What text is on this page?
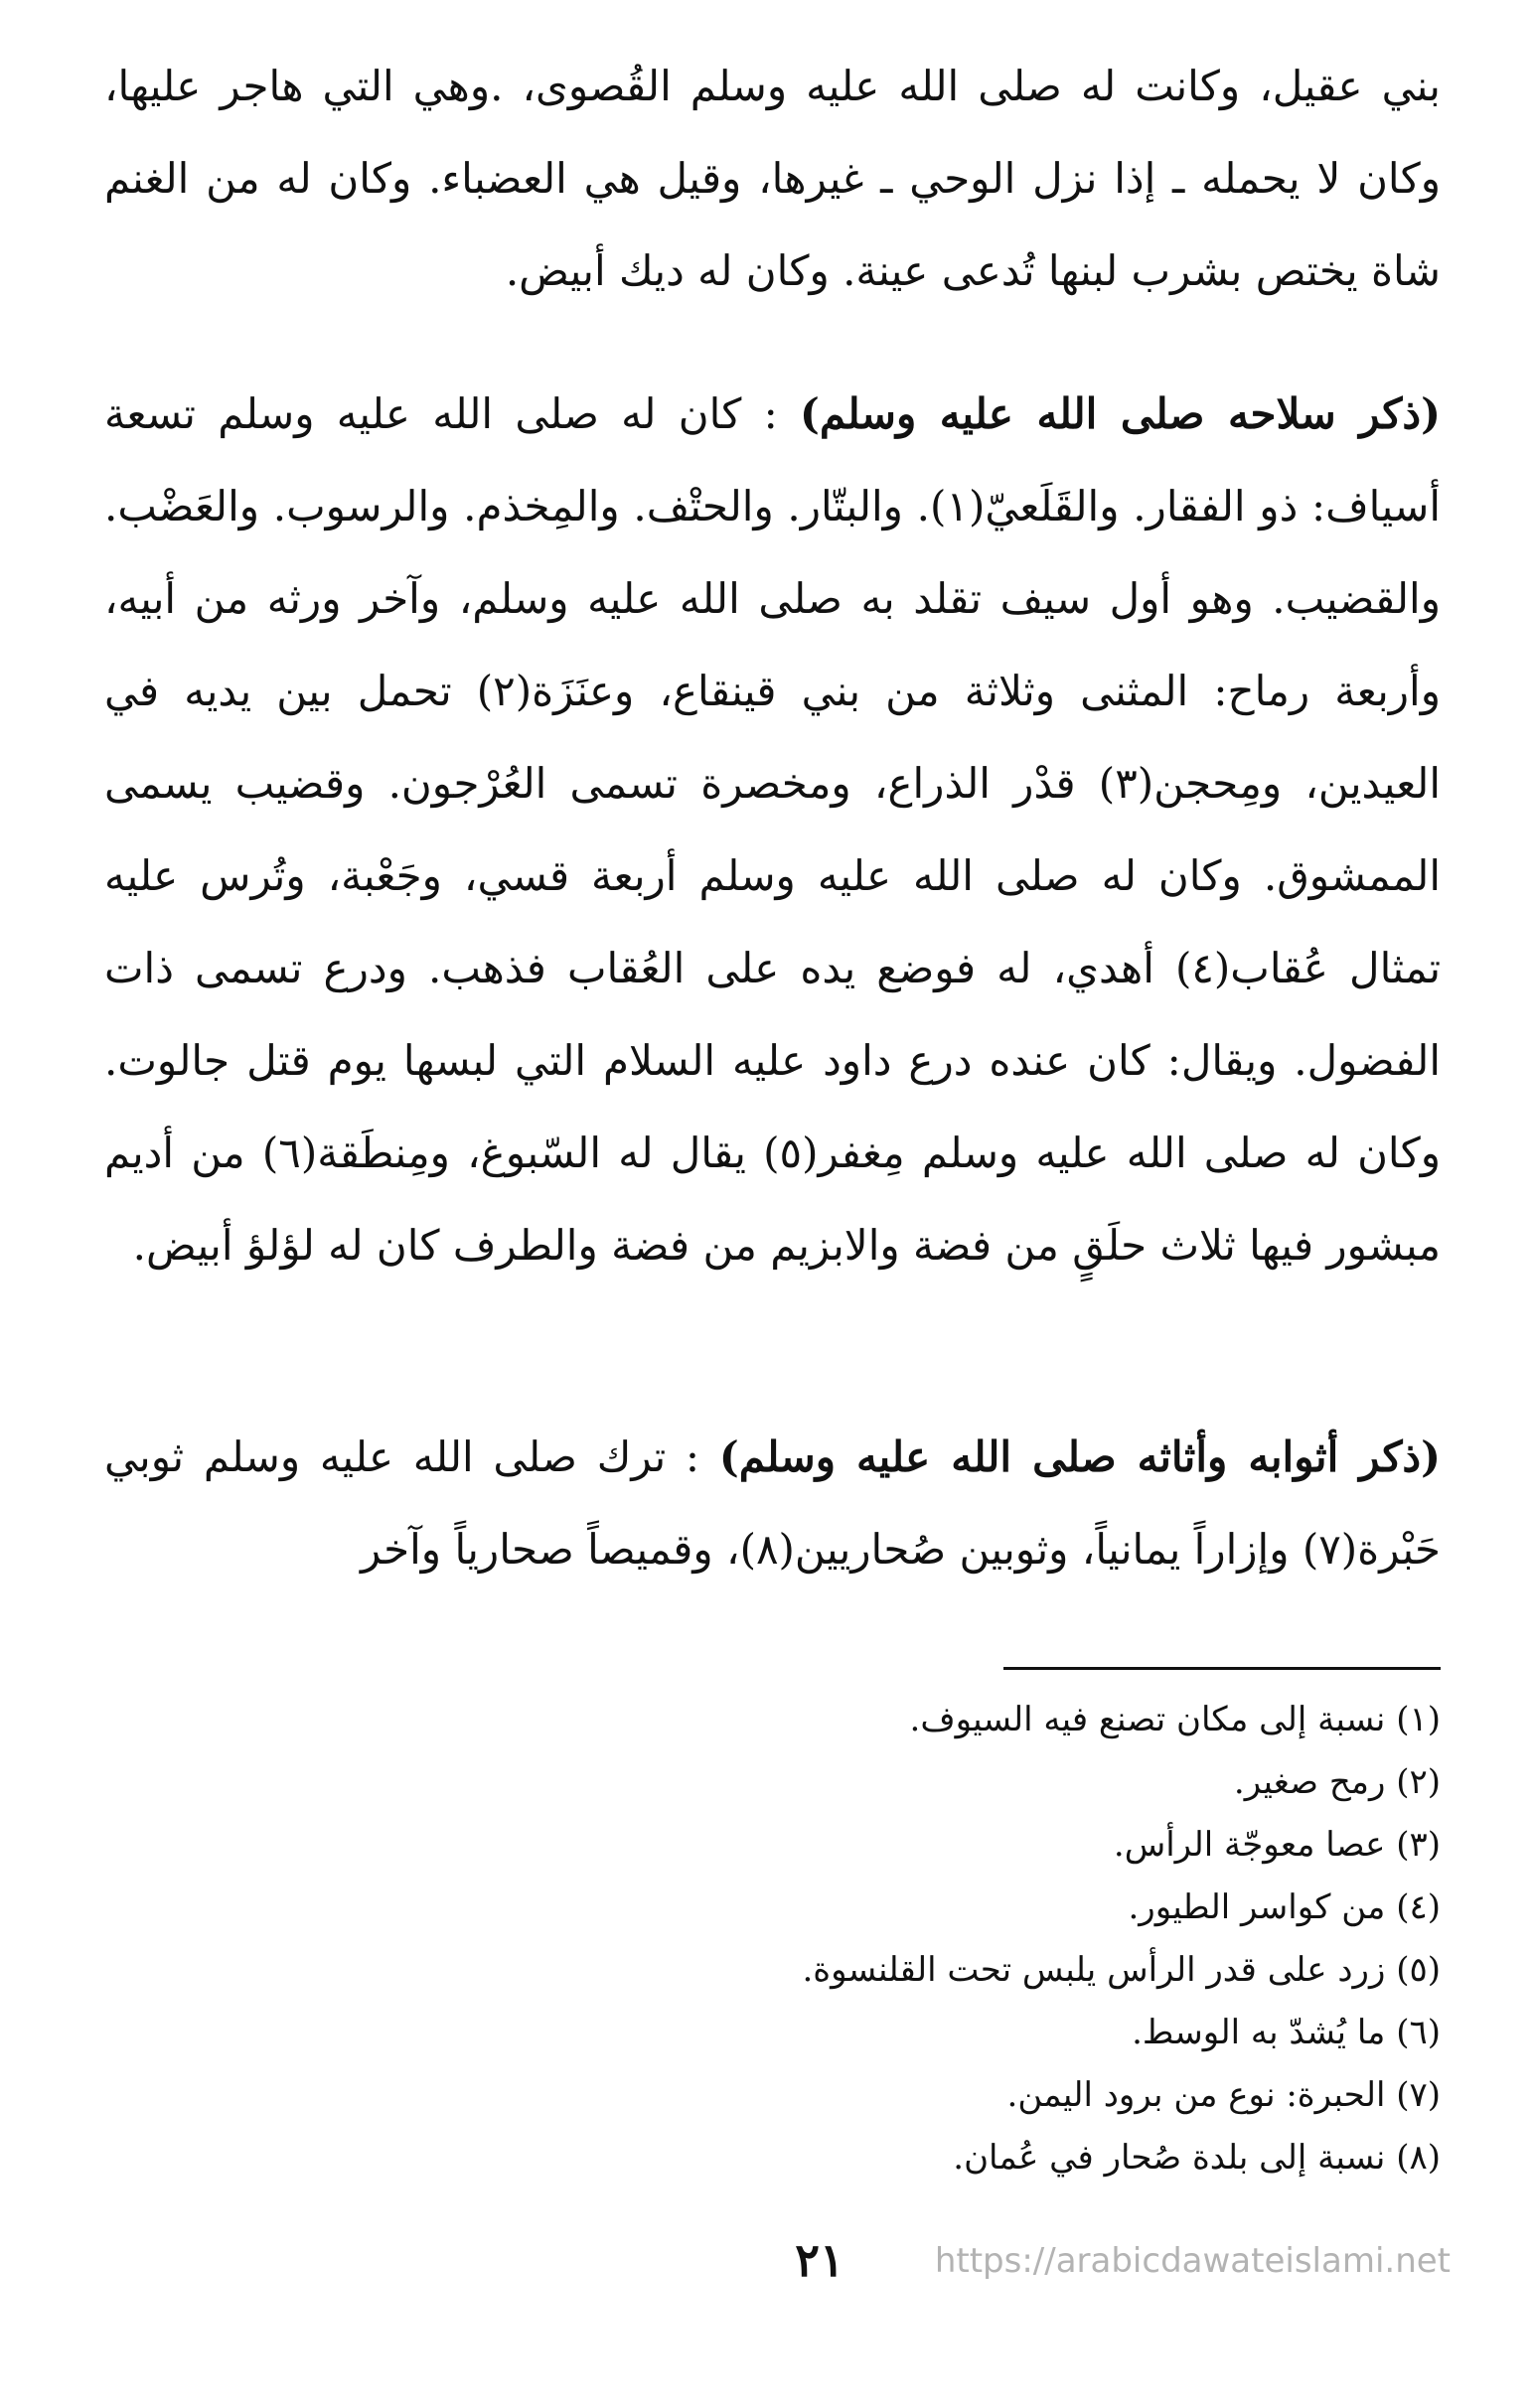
بني عقيل، وكانت له صلى الله عليه وسلم القُصوى، .وهي التي هاجر عليها، وكان لا يحمله ـ إذا نزل الوحي ـ غيرها، وقيل هي العضباء. وكان له من الغنم شاة يختص بشرب لبنها تُدعى عينة. وكان له ديك أبيض.

(ذكر سلاحه صلى الله عليه وسلم) : كان له صلى الله عليه وسلم تسعة أسياف: ذو الفقار. والقَلَعيّ(١). والبتّار. والحتْف. والمِخذم. والرسوب. والعَضْب. والقضيب. وهو أول سيف تقلد به صلى الله عليه وسلم، وآخر ورثه من أبيه، وأربعة رماح: المثنى وثلاثة من بني قينقاع، وعنَزَة(٢) تحمل بين يديه في العيدين، ومِحجن(٣) قدْر الذراع، ومخصرة تسمى العُرْجون. وقضيب يسمى الممشوق. وكان له صلى الله عليه وسلم أربعة قسي، وجَعْبة، وتُرس عليه تمثال عُقاب(٤) أهدي، له فوضع يده على العُقاب فذهب. ودرع تسمى ذات الفضول. ويقال: كان عنده درع داود عليه السلام التي لبسها يوم قتل جالوت. وكان له صلى الله عليه وسلم مِغفر(٥) يقال له السّبوغ، ومِنطَقة(٦) من أديم مبشور فيها ثلاث حلَقٍ من فضة والابزيم من فضة والطرف كان له لؤلؤ أبيض.

(ذكر أثوابه وأثاثه صلى الله عليه وسلم) : ترك صلى الله عليه وسلم ثوبي حَبْرة(٧) وإزاراً يمانياً، وثوبين صُحاريين(٨)، وقميصاً صحارياً وآخر

(١) نسبة إلى مكان تصنع فيه السيوف.
(٢) رمح صغير.
(٣) عصا معوجّة الرأس.
(٤) من كواسر الطيور.
(٥) زرد على قدر الرأس يلبس تحت القلنسوة.
(٦) ما يُشدّ به الوسط.
(٧) الحبرة: نوع من برود اليمن.
(٨) نسبة إلى بلدة صُحار في عُمان.
٢١	https://arabicdawateislami.net
